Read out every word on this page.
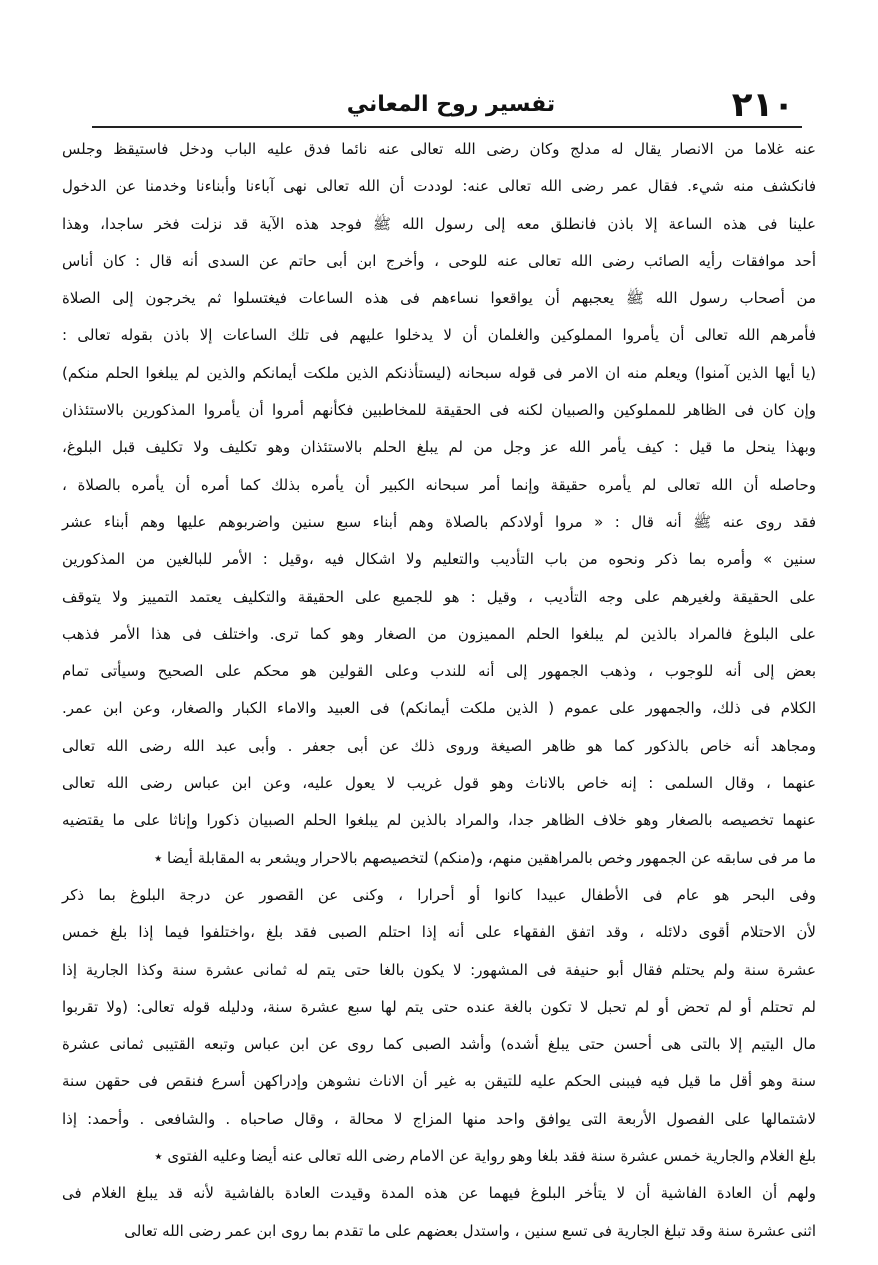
٢١٠
تفسير روح المعاني
عنه غلاما من الانصار يقال له مدلج وكان رضى الله تعالى عنه نائما فدق عليه الباب ودخل فاستيقظ وجلس
فانكشف منه شيء. فقال عمر رضى الله تعالى عنه: لوددت أن الله تعالى نهى آباءنا وأبناءنا وخدمنا عن الدخول
علينا فى هذه الساعة إلا باذن فانطلق معه إلى رسول الله ﷺ فوجد هذه الآية قد نزلت فخر ساجدا، وهذا
أحد موافقات رأيه الصائب رضى الله تعالى عنه للوحى ، وأخرج ابن أبى حاتم عن السدى أنه قال : كان أناس
من أصحاب رسول الله ﷺ يعجبهم أن يواقعوا نساءهم فى هذه الساعات فيغتسلوا ثم يخرجون إلى الصلاة
فأمرهم الله تعالى أن يأمروا المملوكين والغلمان أن لا يدخلوا عليهم فى تلك الساعات إلا باذن بقوله تعالى :
(يا أيها الذين آمنوا) ويعلم منه ان الامر فى قوله سبحانه (ليستأذنكم الذين ملكت أيمانكم والذين لم يبلغوا الحلم منكم)
وإن كان فى الظاهر للمملوكين والصبيان لكنه فى الحقيقة للمخاطبين فكأنهم أمروا أن يأمروا المذكورين بالاستئذان
وبهذا ينحل ما قيل : كيف يأمر الله عز وجل من لم يبلغ الحلم بالاستئذان وهو تكليف ولا تكليف قبل البلوغ،
وحاصله أن الله تعالى لم يأمره حقيقة وإنما أمر سبحانه الكبير أن يأمره بذلك كما أمره أن يأمره بالصلاة ،
فقد روى عنه ﷺ أنه قال : « مروا أولادكم بالصلاة وهم أبناء سبع سنين واضربوهم عليها وهم أبناء عشر
سنين » وأمره بما ذكر ونحوه من باب التأديب والتعليم ولا اشكال فيه ،وقيل : الأمر للبالغين من المذكورين
على الحقيقة ولغيرهم على وجه التأديب ، وقيل : هو للجميع على الحقيقة والتكليف يعتمد التمييز ولا يتوقف
على البلوغ فالمراد بالذين لم يبلغوا الحلم المميزون من الصغار وهو كما ترى. واختلف فى هذا الأمر فذهب
بعض إلى أنه للوجوب ، وذهب الجمهور إلى أنه للندب وعلى القولين هو محكم على الصحيح وسيأتى تمام
الكلام فى ذلك، والجمهور على عموم ( الذين ملكت أيمانكم) فى العبيد والاماء الكبار والصغار، وعن ابن عمر.
ومجاهد أنه خاص بالذكور كما هو ظاهر الصيغة وروى ذلك عن أبى جعفر . وأبى عبد الله رضى الله تعالى
عنهما ، وقال السلمى : إنه خاص بالاناث وهو قول غريب لا يعول عليه، وعن ابن عباس رضى الله تعالى
عنهما تخصيصه بالصغار وهو خلاف الظاهر جدا، والمراد بالذين لم يبلغوا الحلم الصبيان ذكورا وإناثا على ما يقتضيه
ما مر فى سابقه عن الجمهور وخص بالمراهقين منهم، و(منكم) لتخصيصهم بالاحرار ويشعر به المقابلة أيضا ٭
وفى البحر هو عام فى الأطفال عبيدا كانوا أو أحرارا ، وكنى عن القصور عن درجة البلوغ بما ذكر
لأن الاحتلام أقوى دلائله ، وقد اتفق الفقهاء على أنه إذا احتلم الصبى فقد بلغ ،واختلفوا فيما إذا بلغ خمس
عشرة سنة ولم يحتلم فقال أبو حنيفة فى المشهور: لا يكون بالغا حتى يتم له ثمانى عشرة سنة وكذا الجارية إذا
لم تحتلم أو لم تحض أو لم تحبل لا تكون بالغة عنده حتى يتم لها سبع عشرة سنة، ودليله قوله تعالى: (ولا تقربوا
مال اليتيم إلا بالتى هى أحسن حتى يبلغ أشده) وأشد الصبى كما روى عن ابن عباس وتبعه القتيبى ثمانى عشرة
سنة وهو أقل ما قيل فيه فيبنى الحكم عليه للتيقن به غير أن الاناث نشوهن وإدراكهن أسرع فنقص فى حقهن سنة
لاشتمالها على الفصول الأربعة التى يوافق واحد منها المزاج لا محالة ، وقال صاحباه . والشافعى . وأحمد: إذا
بلغ الغلام والجارية خمس عشرة سنة فقد بلغا وهو رواية عن الامام رضى الله تعالى عنه أيضا وعليه الفتوى ٭
ولهم أن العادة الفاشية أن لا يتأخر البلوغ فيهما عن هذه المدة وقيدت العادة بالفاشية لأنه قد يبلغ الغلام فى
اثنى عشرة سنة وقد تبلغ الجارية فى تسع سنين ، واستدل بعضهم على ما تقدم بما روى ابن عمر رضى الله تعالى
